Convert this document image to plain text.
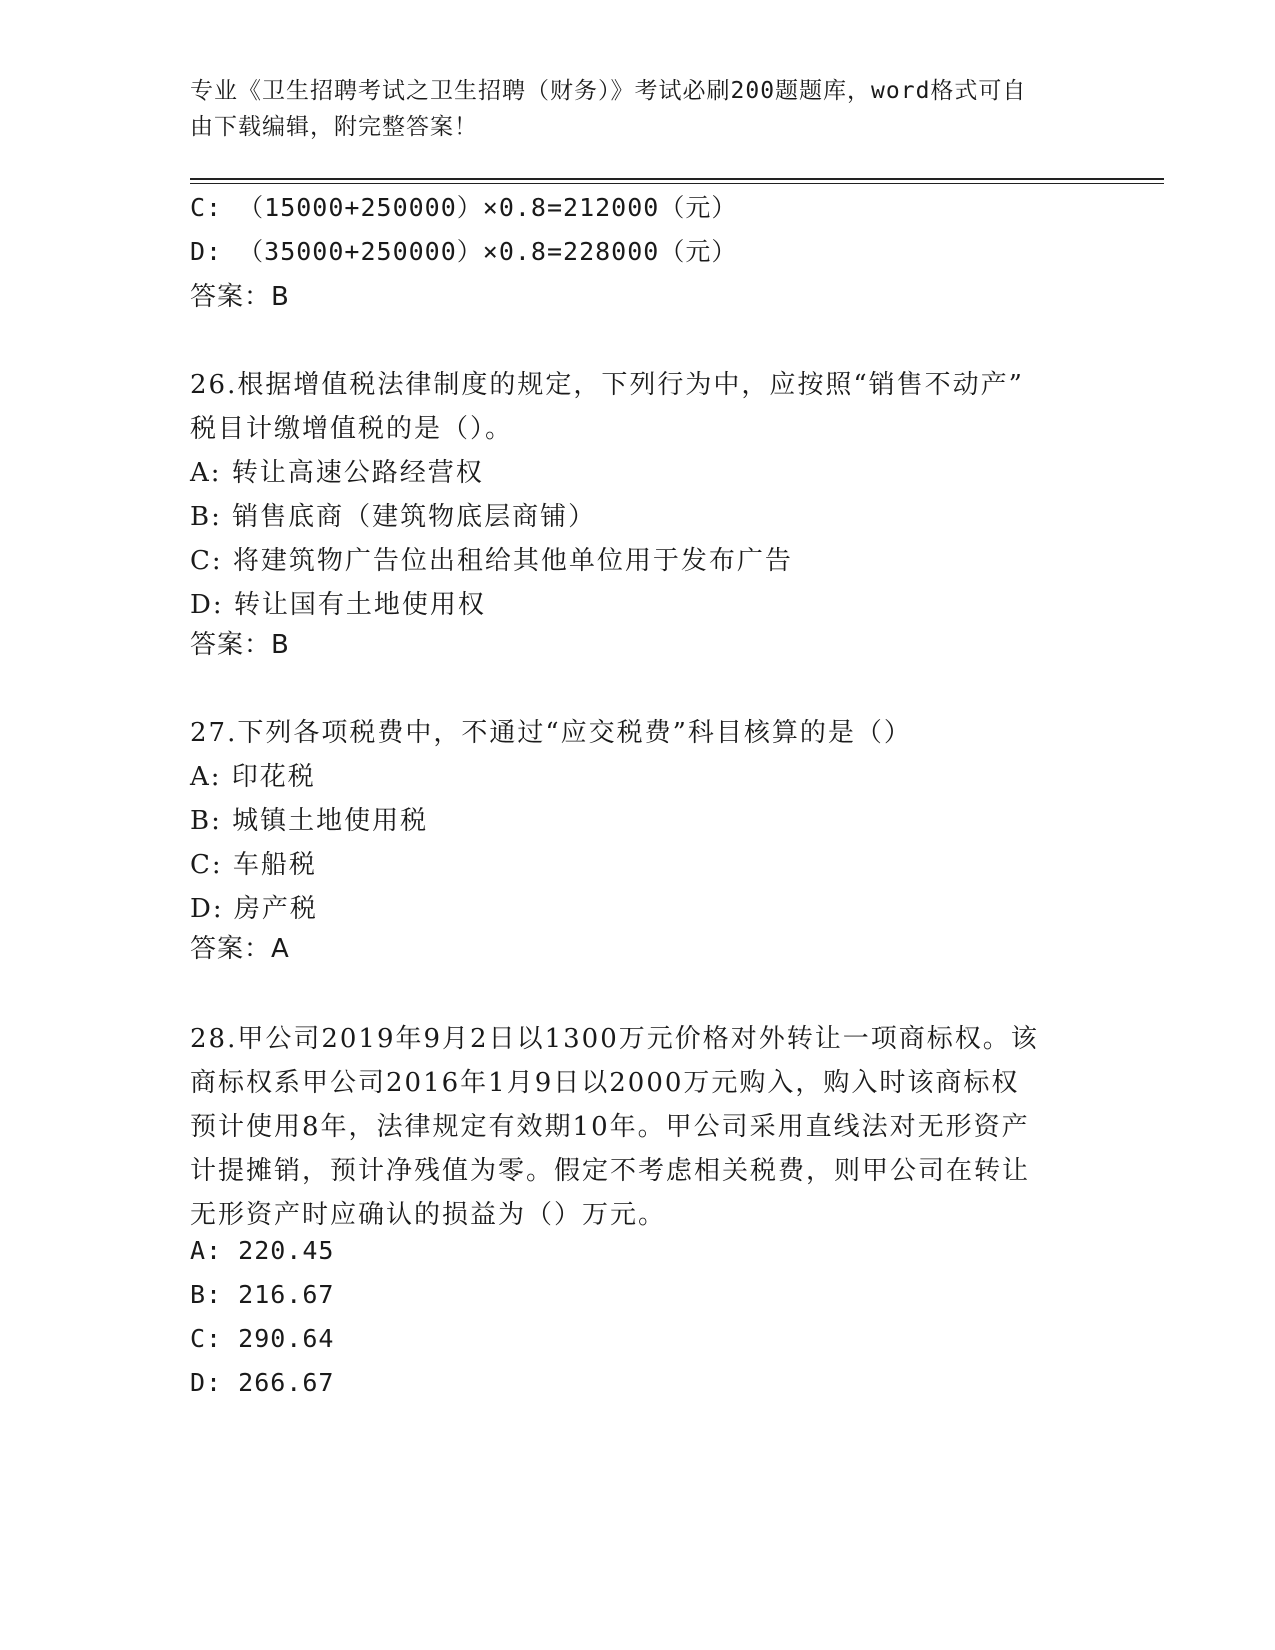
专业《卫生招聘考试之卫生招聘（财务）》考试必刷200题题库，word格式可自
由下载编辑，附完整答案！
C: （15000+250000）×0.8=212000（元）
D: （35000+250000）×0.8=228000（元）
答案：B
26.根据增值税法律制度的规定，下列行为中，应按照“销售不动产”
税目计缴增值税的是（）。
A: 转让高速公路经营权
B: 销售底商（建筑物底层商铺）
C: 将建筑物广告位出租给其他单位用于发布广告
D: 转让国有土地使用权
答案：B
27.下列各项税费中，不通过“应交税费”科目核算的是（）
A: 印花税
B: 城镇土地使用税
C: 车船税
D: 房产税
答案：A
28.甲公司2019年9月2日以1300万元价格对外转让一项商标权。该
商标权系甲公司2016年1月9日以2000万元购入，购入时该商标权
预计使用8年，法律规定有效期10年。甲公司采用直线法对无形资产
计提摊销，预计净残值为零。假定不考虑相关税费，则甲公司在转让
无形资产时应确认的损益为（）万元。
A: 220.45
B: 216.67
C: 290.64
D: 266.67
